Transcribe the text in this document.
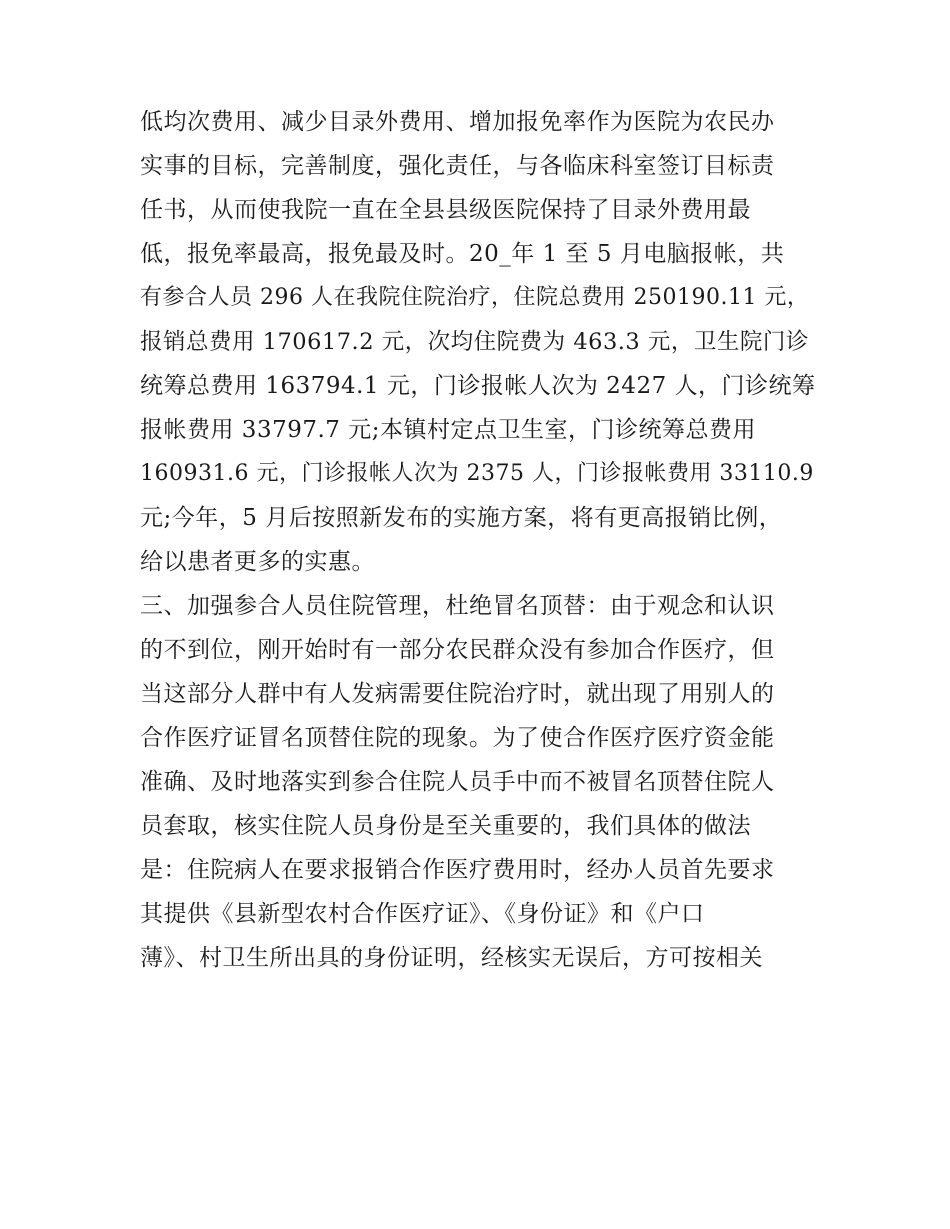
低均次费用、减少目录外费用、增加报免率作为医院为农民办
实事的目标，完善制度，强化责任，与各临床科室签订目标责
任书，从而使我院一直在全县县级医院保持了目录外费用最
低，报免率最高，报免最及时。20_年 1 至 5 月电脑报帐，共
有参合人员 296 人在我院住院治疗，住院总费用 250190.11 元，
报销总费用 170617.2 元，次均住院费为 463.3 元，卫生院门诊
统筹总费用 163794.1 元，门诊报帐人次为 2427 人，门诊统筹
报帐费用 33797.7 元;本镇村定点卫生室，门诊统筹总费用
160931.6 元，门诊报帐人次为 2375 人，门诊报帐费用 33110.9
元;今年，5 月后按照新发布的实施方案，将有更高报销比例，
给以患者更多的实惠。
三、加强参合人员住院管理，杜绝冒名顶替：由于观念和认识
的不到位，刚开始时有一部分农民群众没有参加合作医疗，但
当这部分人群中有人发病需要住院治疗时，就出现了用别人的
合作医疗证冒名顶替住院的现象。为了使合作医疗医疗资金能
准确、及时地落实到参合住院人员手中而不被冒名顶替住院人
员套取，核实住院人员身份是至关重要的，我们具体的做法
是：住院病人在要求报销合作医疗费用时，经办人员首先要求
其提供《县新型农村合作医疗证》、《身份证》和《户口
薄》、村卫生所出具的身份证明，经核实无误后，方可按相关
